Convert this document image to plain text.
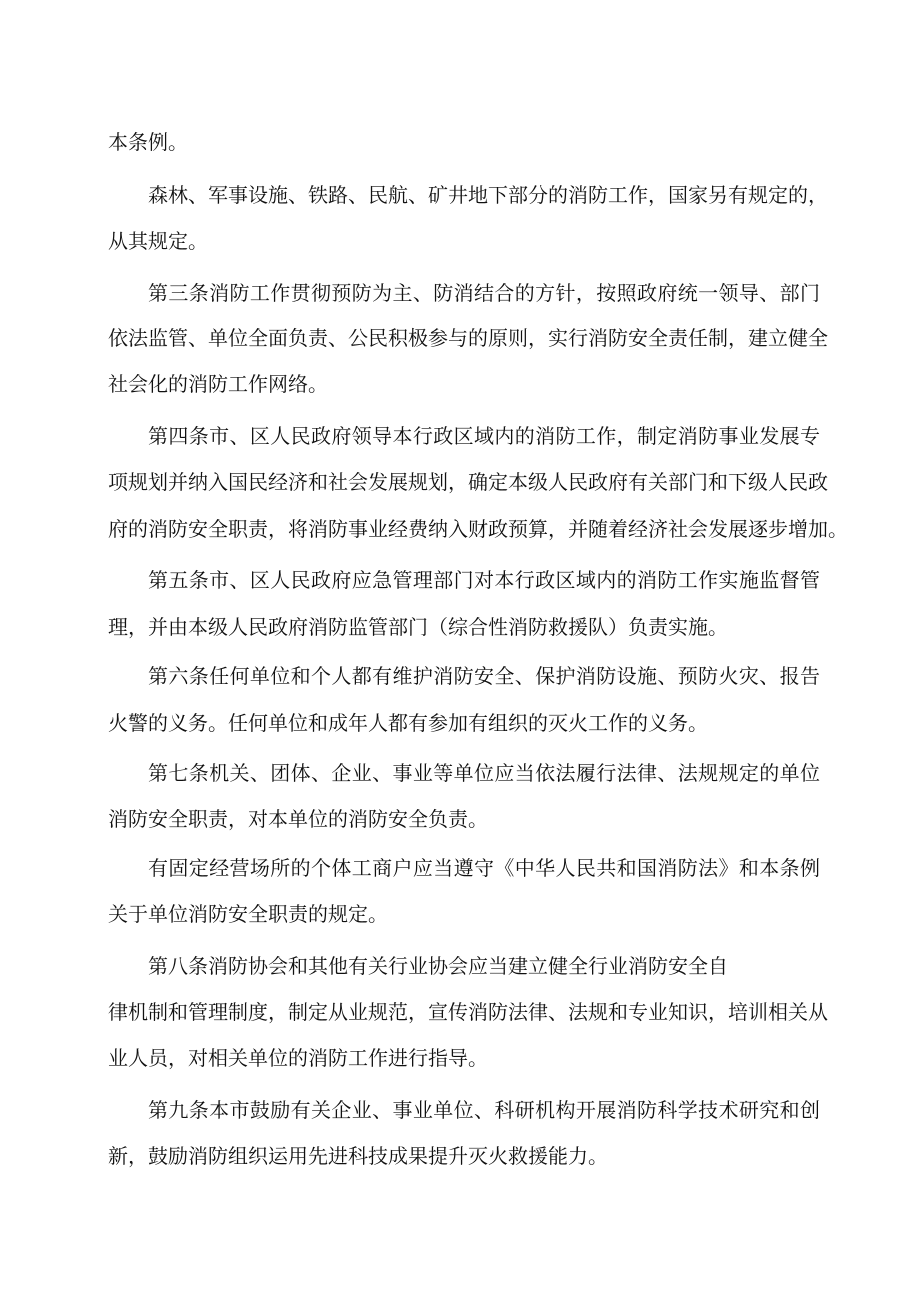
本条例。

森林、军事设施、铁路、民航、矿井地下部分的消防工作，国家另有规定的，

从其规定。

第三条消防工作贯彻预防为主、防消结合的方针，按照政府统一领导、部门

依法监管、单位全面负责、公民积极参与的原则，实行消防安全责任制，建立健全

社会化的消防工作网络。

第四条市、区人民政府领导本行政区域内的消防工作，制定消防事业发展专

项规划并纳入国民经济和社会发展规划，确定本级人民政府有关部门和下级人民政

府的消防安全职责，将消防事业经费纳入财政预算，并随着经济社会发展逐步增加。

第五条市、区人民政府应急管理部门对本行政区域内的消防工作实施监督管

理，并由本级人民政府消防监管部门（综合性消防救援队）负责实施。

第六条任何单位和个人都有维护消防安全、保护消防设施、预防火灾、报告

火警的义务。任何单位和成年人都有参加有组织的灭火工作的义务。

第七条机关、团体、企业、事业等单位应当依法履行法律、法规规定的单位

消防安全职责，对本单位的消防安全负责。

有固定经营场所的个体工商户应当遵守《中华人民共和国消防法》和本条例

关于单位消防安全职责的规定。

第八条消防协会和其他有关行业协会应当建立健全行业消防安全自

律机制和管理制度，制定从业规范，宣传消防法律、法规和专业知识，培训相关从

业人员，对相关单位的消防工作进行指导。

第九条本市鼓励有关企业、事业单位、科研机构开展消防科学技术研究和创

新，鼓励消防组织运用先进科技成果提升灭火救援能力。
